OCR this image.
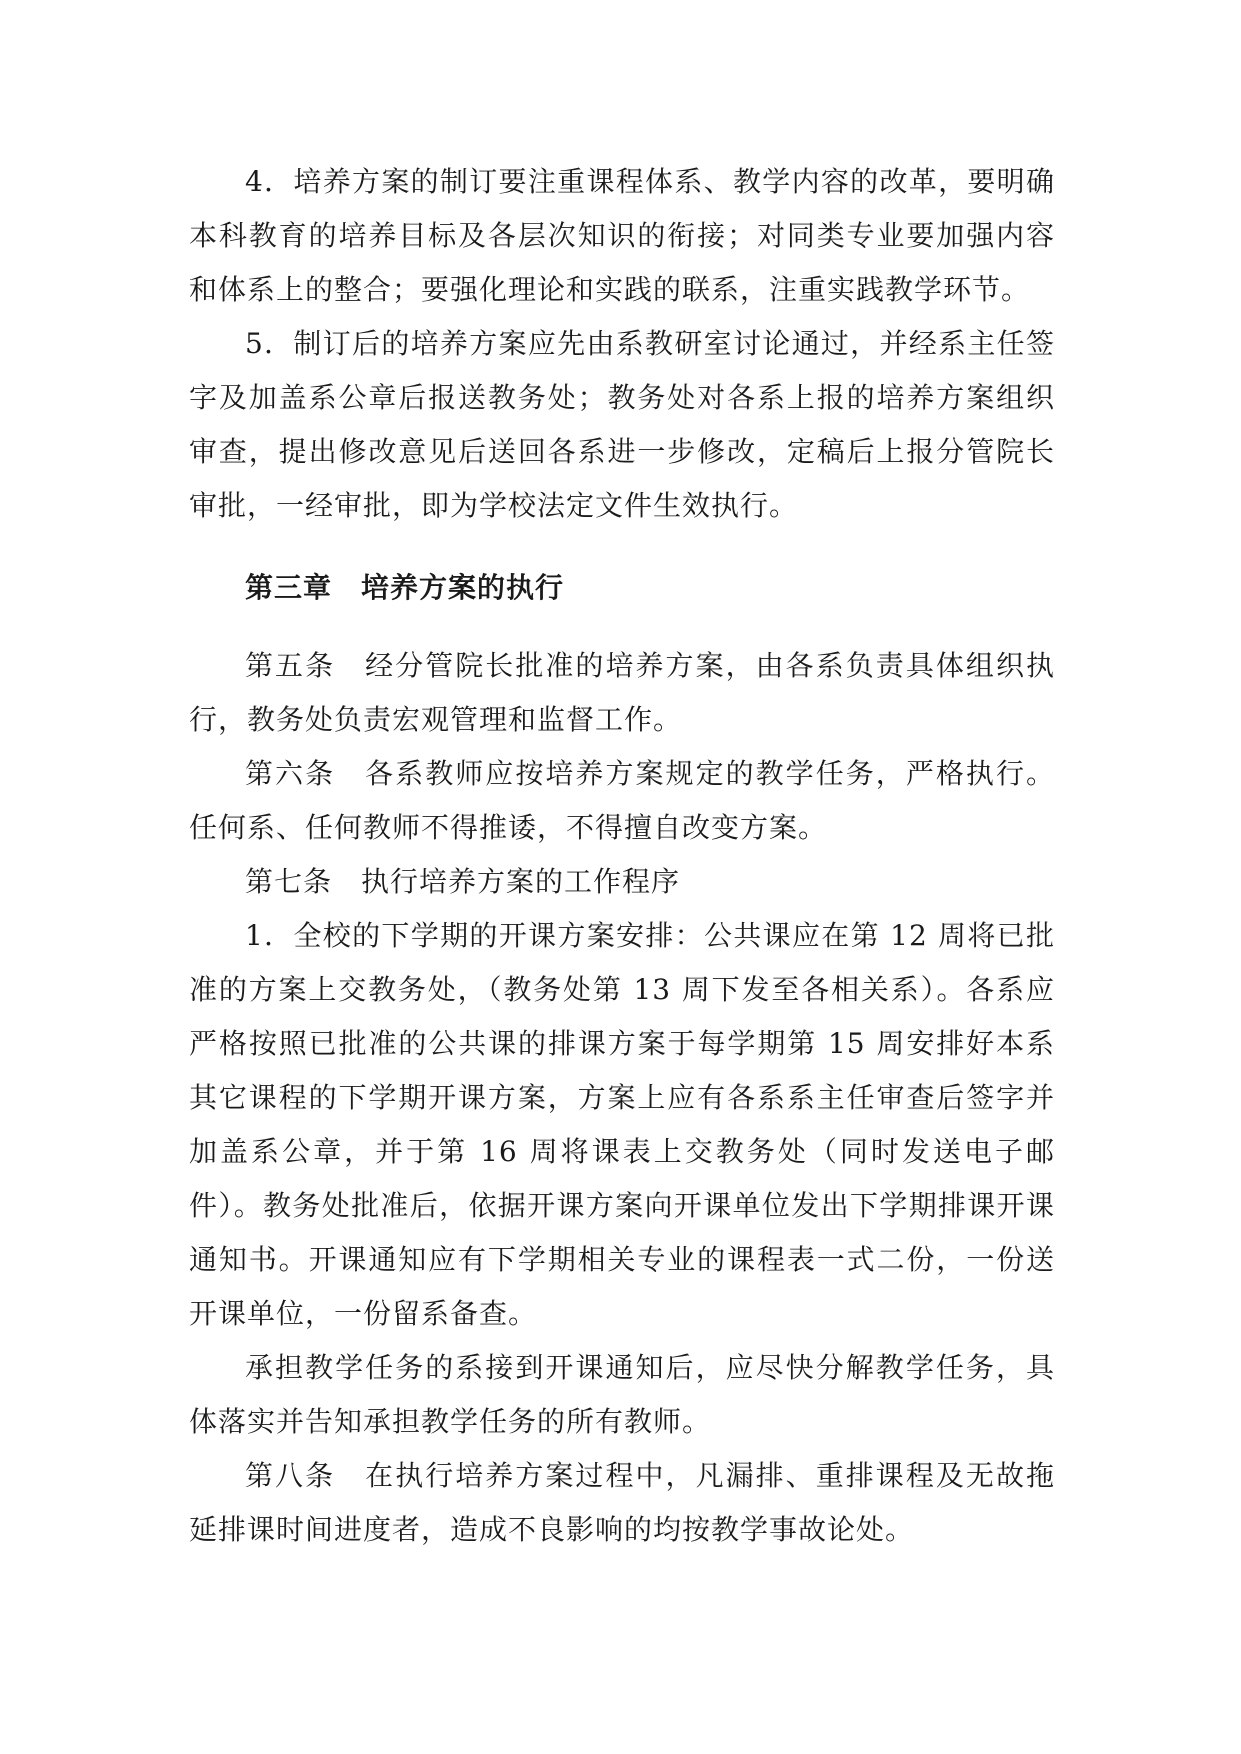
4．培养方案的制订要注重课程体系、教学内容的改革，要明确本科教育的培养目标及各层次知识的衔接；对同类专业要加强内容和体系上的整合；要强化理论和实践的联系，注重实践教学环节。

5．制订后的培养方案应先由系教研室讨论通过，并经系主任签字及加盖系公章后报送教务处；教务处对各系上报的培养方案组织审查，提出修改意见后送回各系进一步修改，定稿后上报分管院长审批，一经审批，即为学校法定文件生效执行。

第三章　培养方案的执行

第五条　经分管院长批准的培养方案，由各系负责具体组织执行，教务处负责宏观管理和监督工作。

第六条　各系教师应按培养方案规定的教学任务，严格执行。任何系、任何教师不得推诿，不得擅自改变方案。

第七条　执行培养方案的工作程序

1．全校的下学期的开课方案安排：公共课应在第 12 周将已批准的方案上交教务处，（教务处第 13 周下发至各相关系）。各系应严格按照已批准的公共课的排课方案于每学期第 15 周安排好本系其它课程的下学期开课方案，方案上应有各系系主任审查后签字并加盖系公章，并于第 16 周将课表上交教务处（同时发送电子邮件）。教务处批准后，依据开课方案向开课单位发出下学期排课开课通知书。开课通知应有下学期相关专业的课程表一式二份，一份送开课单位，一份留系备查。

承担教学任务的系接到开课通知后，应尽快分解教学任务，具体落实并告知承担教学任务的所有教师。

第八条　在执行培养方案过程中，凡漏排、重排课程及无故拖延排课时间进度者，造成不良影响的均按教学事故论处。
